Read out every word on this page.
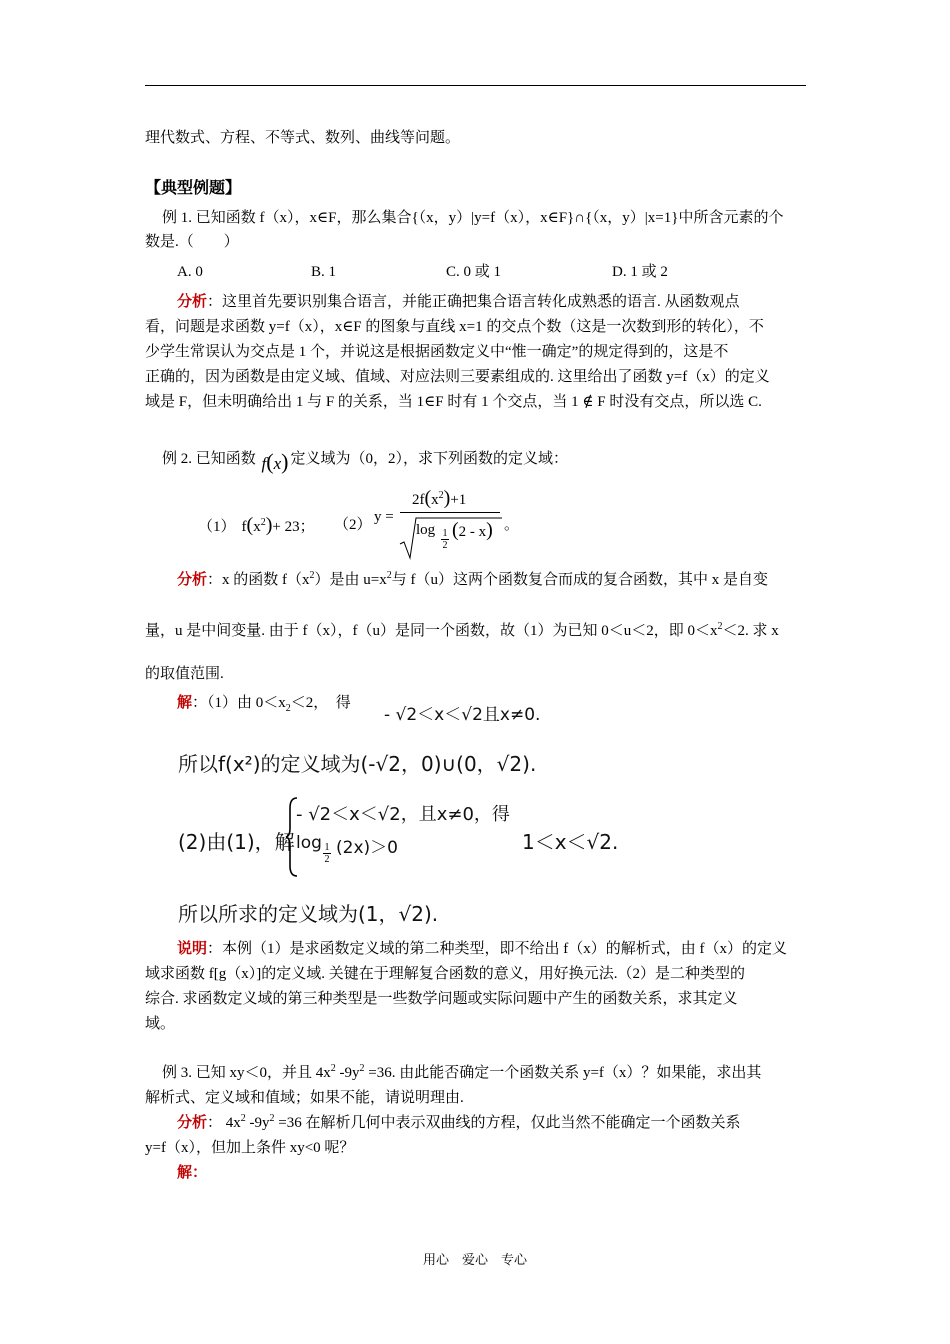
理代数式、方程、不等式、数列、曲线等问题。
【典型例题】
例 1. 已知函数 f（x），x∈F，那么集合{（x，y）|y=f（x），x∈F}∩{（x，y）|x=1}中所含元素的个
数是.（　　）
A. 0	B. 1	C. 0 或 1	D. 1 或 2
分析：这里首先要识别集合语言，并能正确把集合语言转化成熟悉的语言. 从函数观点
看，问题是求函数 y=f（x），x∈F 的图象与直线 x=1 的交点个数（这是一次数到形的转化），不
少学生常误认为交点是 1 个，并说这是根据函数定义中“惟一确定”的规定得到的，这是不
正确的，因为函数是由定义域、值域、对应法则三要素组成的. 这里给出了函数 y=f（x）的定义
域是 F，但未明确给出 1 与 F 的关系，当 1∈F 时有 1 个交点，当 1 ∉ F 时没有交点，所以选 C.
例 2. 已知函数 f(x) 定义域为（0，2），求下列函数的定义域：
（1） $f(x^2)+ 23$； （2） y =
$2f(x^2)+1$
log 1
2
(2 - x) 。
分析：x 的函数 $f(x^2)$是由 $u=x^2$与 f（u）这两个函数复合而成的复合函数，其中 x 是自变
量，u 是中间变量. 由于 f（x），f（u）是同一个函数，故（1）为已知 0＜u＜2，即 $0<x^2<2$. 求 x
的取值范围.
解：（1）由 $0<x_2<2$，　得
- √2＜x＜√2且x≠0.
所以f(x²)的定义域为(-√2，0)∪(0，√2).
(2)由(1)，解
- √2＜x＜√2，且x≠0，得
log 1
2
(2x)＞0	1＜x＜√2.
所以所求的定义域为(1，√2).
说明：本例（1）是求函数定义域的第二种类型，即不给出 f（x）的解析式，由 f（x）的定义
域求函数 f[g（x）]的定义域. 关键在于理解复合函数的意义，用好换元法.（2）是二种类型的
综合. 求函数定义域的第三种类型是一些数学问题或实际问题中产生的函数关系，求其定义
域。
例 3. 已知 xy＜0，并且 $4x^2$ $-9y^2 =36$. 由此能否确定一个函数关系 y=f（x）？如果能，求出其
解析式、定义域和值域；如果不能，请说明理由.
分析： $4x^2$ $-9y^2 =36$ 在解析几何中表示双曲线的方程，仅此当然不能确定一个函数关系
y=f（x），但加上条件 xy<0 呢？
解：
用心　爱心　专心
